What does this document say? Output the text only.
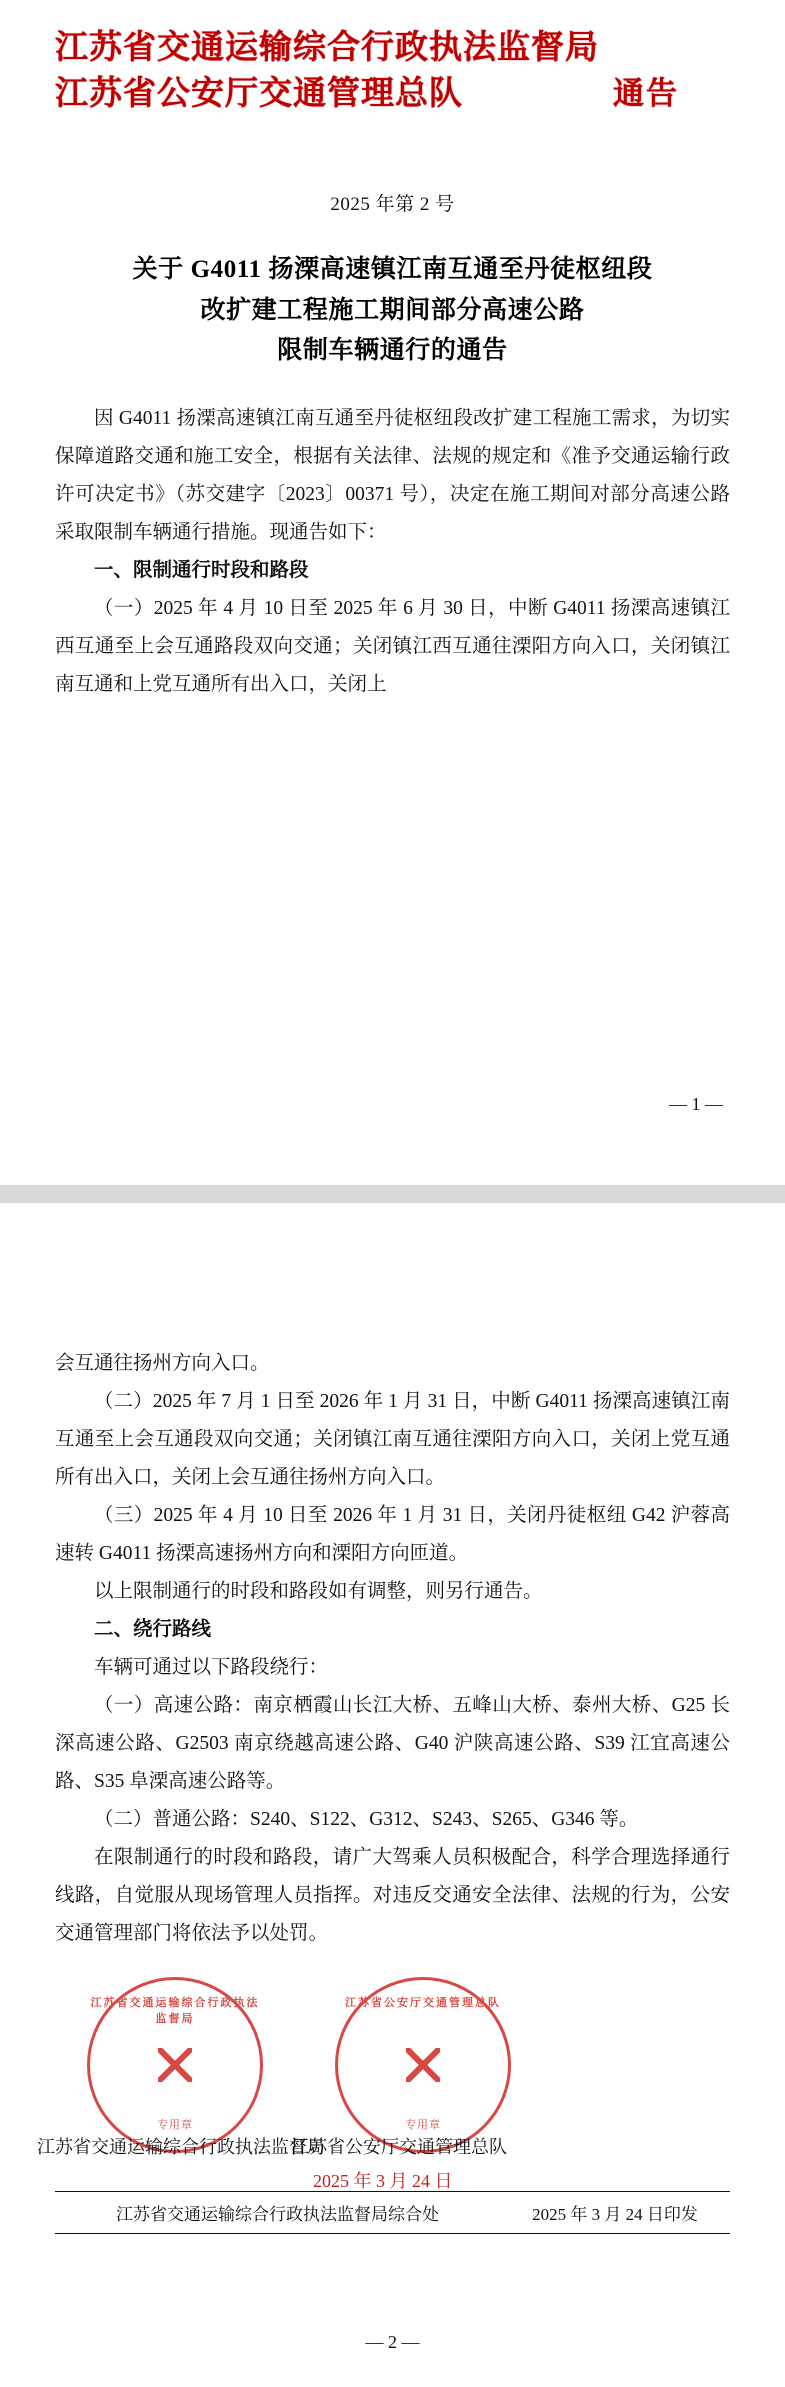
江苏省交通运输综合行政执法监督局
江苏省公安厅交通管理总队	通告
2025 年第 2 号
关于 G4011 扬溧高速镇江南互通至丹徒枢纽段
改扩建工程施工期间部分高速公路
限制车辆通行的通告

因 G4011 扬溧高速镇江南互通至丹徒枢纽段改扩建工程施工需求，为切实保障道路交通和施工安全，根据有关法律、法规的规定和《准予交通运输行政许可决定书》（苏交建字〔2023〕00371 号），决定在施工期间对部分高速公路采取限制车辆通行措施。现通告如下：

一、限制通行时段和路段

（一）2025 年 4 月 10 日至 2025 年 6 月 30 日，中断 G4011 扬溧高速镇江西互通至上会互通路段双向交通；关闭镇江西互通往溧阳方向入口，关闭镇江南互通和上党互通所有出入口，关闭上

— 1 —

会互通往扬州方向入口。

（二）2025 年 7 月 1 日至 2026 年 1 月 31 日，中断 G4011 扬溧高速镇江南互通至上会互通段双向交通；关闭镇江南互通往溧阳方向入口，关闭上党互通所有出入口，关闭上会互通往扬州方向入口。

（三）2025 年 4 月 10 日至 2026 年 1 月 31 日，关闭丹徒枢纽 G42 沪蓉高速转 G4011 扬溧高速扬州方向和溧阳方向匝道。

以上限制通行的时段和路段如有调整，则另行通告。

二、绕行路线

车辆可通过以下路段绕行：

（一）高速公路：南京栖霞山长江大桥、五峰山大桥、泰州大桥、G25 长深高速公路、G2503 南京绕越高速公路、G40 沪陕高速公路、S39 江宜高速公路、S35 阜溧高速公路等。

（二）普通公路：S240、S122、G312、S243、S265、G346 等。

在限制通行的时段和路段，请广大驾乘人员积极配合，科学合理选择通行线路，自觉服从现场管理人员指挥。对违反交通安全法律、法规的行为，公安交通管理部门将依法予以处罚。

江苏省交通运输综合行政执法监督局
专用章
江苏省公安厅交通管理总队
专用章
江苏省交通运输综合行政执法监督局
江苏省公安厅交通管理总队
2025 年 3 月 24 日
江苏省交通运输综合行政执法监督局综合处	2025 年 3 月 24 日印发
— 2 —
